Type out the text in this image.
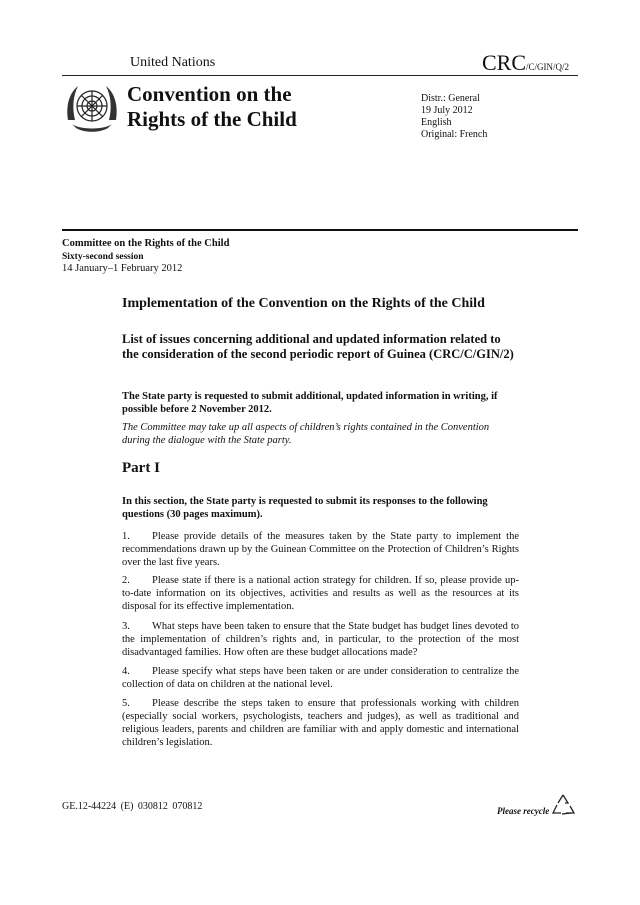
United Nations	CRC/C/GIN/Q/2
Convention on the
Rights of the Child
Distr.: General
19 July 2012
English
Original: French
Committee on the Rights of the Child
Sixty-second session
14 January–1 February 2012
Implementation of the Convention on the Rights of the Child
List of issues concerning additional and updated information related to the consideration of the second periodic report of Guinea (CRC/C/GIN/2)
The State party is requested to submit additional, updated information in writing, if possible before 2 November 2012.
The Committee may take up all aspects of children’s rights contained in the Convention during the dialogue with the State party.
Part I
In this section, the State party is requested to submit its responses to the following questions (30 pages maximum).
1. Please provide details of the measures taken by the State party to implement the recommendations drawn up by the Guinean Committee on the Protection of Children’s Rights over the last five years.
2. Please state if there is a national action strategy for children. If so, please provide up-to-date information on its objectives, activities and results as well as the resources at its disposal for its effective implementation.
3. What steps have been taken to ensure that the State budget has budget lines devoted to the implementation of children’s rights and, in particular, to the protection of the most disadvantaged families. How often are these budget allocations made?
4. Please specify what steps have been taken or are under consideration to centralize the collection of data on children at the national level.
5. Please describe the steps taken to ensure that professionals working with children (especially social workers, psychologists, teachers and judges), as well as traditional and religious leaders, parents and children are familiar with and apply domestic and international children’s legislation.
GE.12-44224 (E) 030812 070812	Please recycle
